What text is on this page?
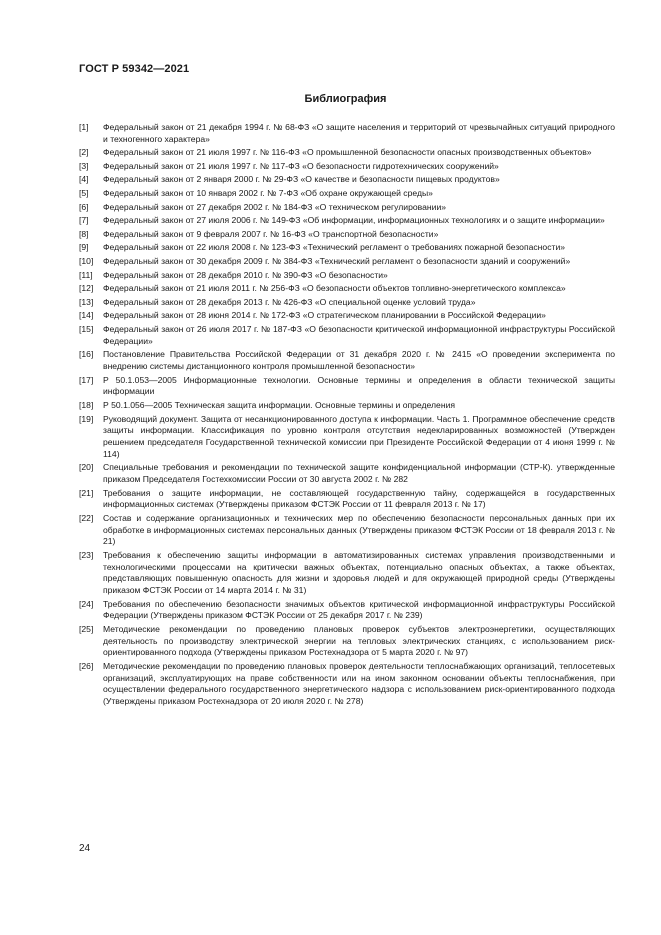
ГОСТ Р 59342—2021
Библиография
[1]	Федеральный закон от 21 декабря 1994 г. № 68-ФЗ «О защите населения и территорий от чрезвычайных ситуаций природного и техногенного характера»
[2]	Федеральный закон от 21 июля 1997 г. № 116-ФЗ «О промышленной безопасности опасных производственных объектов»
[3]	Федеральный закон от 21 июля 1997 г. № 117-ФЗ «О безопасности гидротехнических сооружений»
[4]	Федеральный закон от 2 января 2000 г. № 29-ФЗ «О качестве и безопасности пищевых продуктов»
[5]	Федеральный закон от 10 января 2002 г. № 7-ФЗ «Об охране окружающей среды»
[6]	Федеральный закон от 27 декабря 2002 г. № 184-ФЗ «О техническом регулировании»
[7]	Федеральный закон от 27 июля 2006 г. № 149-ФЗ «Об информации, информационных технологиях и о защите информации»
[8]	Федеральный закон от 9 февраля 2007 г. № 16-ФЗ «О транспортной безопасности»
[9]	Федеральный закон от 22 июля 2008 г. № 123-ФЗ «Технический регламент о требованиях пожарной безопасности»
[10]	Федеральный закон от 30 декабря 2009 г. № 384-ФЗ «Технический регламент о безопасности зданий и сооружений»
[11]	Федеральный закон от 28 декабря 2010 г. № 390-ФЗ «О безопасности»
[12]	Федеральный закон от 21 июля 2011 г. № 256-ФЗ «О безопасности объектов топливно-энергетического комплекса»
[13]	Федеральный закон от 28 декабря 2013 г. № 426-ФЗ «О специальной оценке условий труда»
[14]	Федеральный закон от 28 июня 2014 г. № 172-ФЗ «О стратегическом планировании в Российской Федерации»
[15]	Федеральный закон от 26 июля 2017 г. № 187-ФЗ «О безопасности критической информационной инфраструктуры Российской Федерации»
[16]	Постановление Правительства Российской Федерации от 31 декабря 2020 г. № 2415 «О проведении эксперимента по внедрению системы дистанционного контроля промышленной безопасности»
[17]	Р 50.1.053—2005 Информационные технологии. Основные термины и определения в области технической защиты информации
[18]	Р 50.1.056—2005 Техническая защита информации. Основные термины и определения
[19]	Руководящий документ. Защита от несанкционированного доступа к информации. Часть 1. Программное обеспечение средств защиты информации. Классификация по уровню контроля отсутствия недекларированных возможностей (Утвержден решением председателя Государственной технической комиссии при Президенте Российской Федерации от 4 июня 1999 г. № 114)
[20]	Специальные требования и рекомендации по технической защите конфиденциальной информации (СТР-К). утвержденные приказом Председателя Гостехкомиссии России от 30 августа 2002 г. № 282
[21]	Требования о защите информации, не составляющей государственную тайну, содержащейся в государственных информационных системах (Утверждены приказом ФСТЭК России от 11 февраля 2013 г. № 17)
[22]	Состав и содержание организационных и технических мер по обеспечению безопасности персональных данных при их обработке в информационных системах персональных данных (Утверждены приказом ФСТЭК России от 18 февраля 2013 г. № 21)
[23]	Требования к обеспечению защиты информации в автоматизированных системах управления производственными и технологическими процессами на критически важных объектах, потенциально опасных объектах, а также объектах, представляющих повышенную опасность для жизни и здоровья людей и для окружающей природной среды (Утверждены приказом ФСТЭК России от 14 марта 2014 г. № 31)
[24]	Требования по обеспечению безопасности значимых объектов критической информационной инфраструктуры Российской Федерации (Утверждены приказом ФСТЭК России от 25 декабря 2017 г. № 239)
[25]	Методические рекомендации по проведению плановых проверок субъектов электроэнергетики, осуществляющих деятельность по производству электрической энергии на тепловых электрических станциях, с использованием риск-ориентированного подхода (Утверждены приказом Ростехнадзора от 5 марта 2020 г. № 97)
[26]	Методические рекомендации по проведению плановых проверок деятельности теплоснабжающих организаций, теплосетевых организаций, эксплуатирующих на праве собственности или на ином законном основании объекты теплоснабжения, при осуществлении федерального государственного энергетического надзора с использованием риск-ориентированного подхода (Утверждены приказом Ростехнадзора от 20 июля 2020 г. № 278)
24
